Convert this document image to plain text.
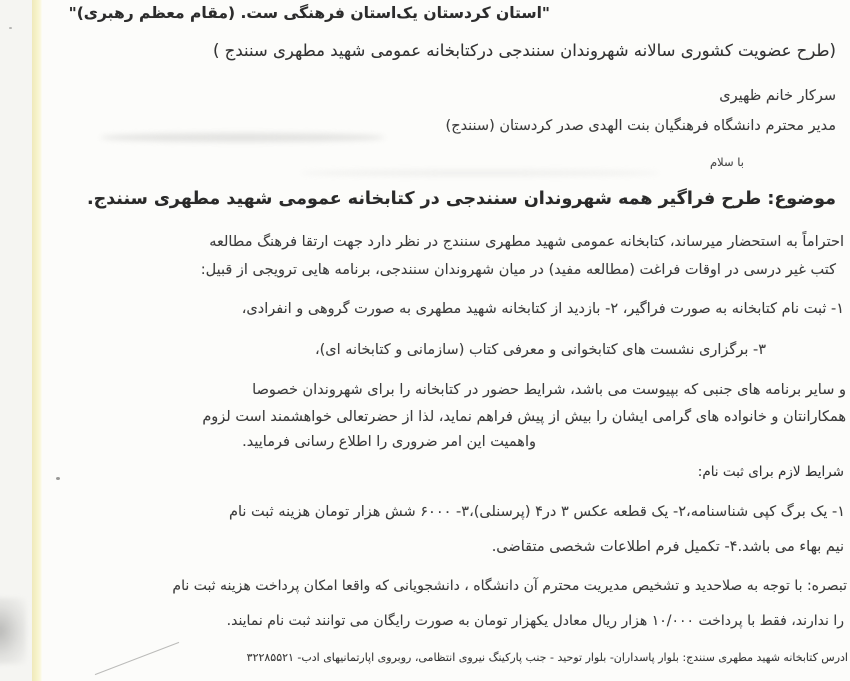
"استان کردستان یک‌استان فرهنگی ست. (مقام معظم رهبری)"
(طرح عضویت کشوری سالانه شهروندان سنندجی درکتابخانه عمومی شهید مطهری سنندج )
سرکار خانم ظهیری
مدیر محترم دانشگاه فرهنگیان بنت الهدی صدر کردستان (سنندج)
با سلام
موضوع: طرح فراگیر همه شهروندان سنندجی در کتابخانه عمومی شهید مطهری سنندج.
احتراماً به استحضار میرساند، کتابخانه عمومی شهید مطهری سنندج در نظر دارد جهت ارتقا فرهنگ مطالعه
کتب غیر درسی در اوقات فراغت (مطالعه مفید) در میان شهروندان سنندجی، برنامه هایی ترویجی از قبیل:
۱- ثبت نام کتابخانه به صورت فراگیر، ۲- بازدید از کتابخانه شهید مطهری به صورت گروهی و انفرادی،
۳- برگزاری نشست های کتابخوانی و معرفی کتاب (سازمانی و کتابخانه ای)،
و سایر برنامه های جنبی که بپیوست می باشد، شرایط حضور در کتابخانه را برای شهروندان خصوصا
همکارانتان و خانواده های گرامی ایشان را بیش از پیش فراهم نماید، لذا از حضرتعالی خواهشمند است لزوم
واهمیت این امر ضروری را اطلاع رسانی فرمایید.
شرایط لازم برای ثبت نام:
۱- یک برگ کپی شناسنامه،۲- یک قطعه عکس ۳ در۴ (پرسنلی)،۳- ۶۰۰۰ شش هزار تومان هزینه ثبت نام
نیم بهاء می باشد.۴- تکمیل فرم اطلاعات شخصی متقاضی.
تبصره: با توجه به صلاحدید و تشخیص مدیریت محترم آن دانشگاه ، دانشجویانی که واقعا امکان پرداخت هزینه ثبت نام
را ندارند، فقط با پرداخت ۱۰/۰۰۰ هزار ریال معادل یکهزار تومان به صورت رایگان می توانند ثبت نام نمایند.
ادرس کتابخانه شهید مطهری سنندج: بلوار پاسداران- بلوار توحید - جنب پارکینگ نیروی انتظامی، روبروی اپارتمانیهای ادب- ۳۲۲۸۵۵۲۱
